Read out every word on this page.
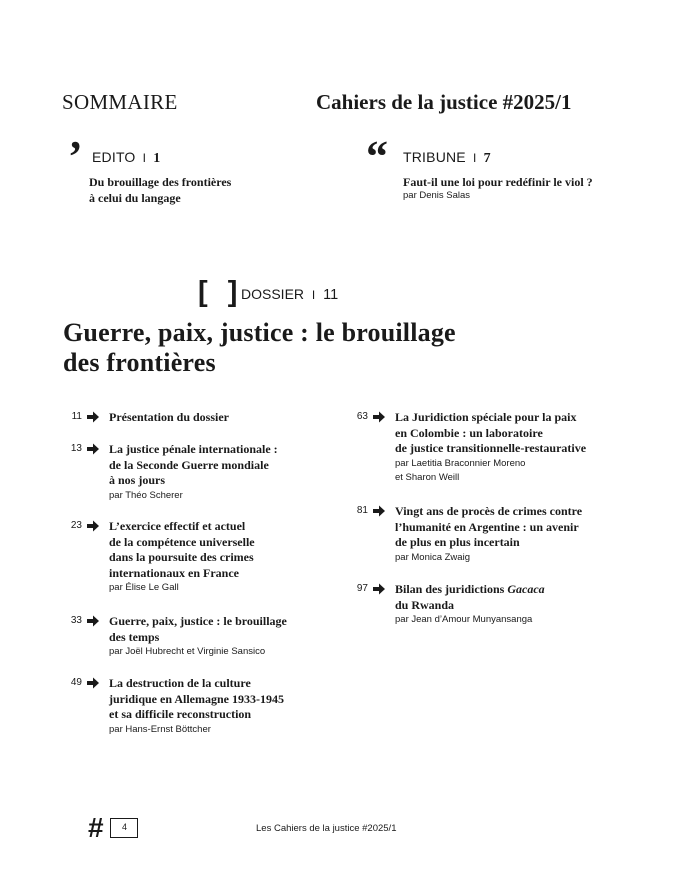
SOMMAIRE	Cahiers de la justice #2025/1
’ EDITO I 1
Du brouillage des frontières
à celui du langage
“ TRIBUNE I 7
Faut-il une loi pour redéfinir le viol ?
par Denis Salas
[ ]
DOSSIER I 11
Guerre, paix, justice : le brouillage
des frontières
11 Présentation du dossier
13 La justice pénale internationale :
de la Seconde Guerre mondiale
à nos jours
par Théo Scherer
23 L’exercice effectif et actuel
de la compétence universelle
dans la poursuite des crimes
internationaux en France
par Élise Le Gall
33 Guerre, paix, justice : le brouillage
des temps
par Joël Hubrecht et Virginie Sansico
49 La destruction de la culture
juridique en Allemagne 1933-1945
et sa difficile reconstruction
par Hans-Ernst Böttcher
63 La Juridiction spéciale pour la paix
en Colombie : un laboratoire
de justice transitionnelle-restaurative
par Laetitia Braconnier Moreno
et Sharon Weill
81 Vingt ans de procès de crimes contre
l’humanité en Argentine : un avenir
de plus en plus incertain
par Monica Zwaig
97 Bilan des juridictions Gacaca
du Rwanda
par Jean d’Amour Munyansanga
#	4	Les Cahiers de la justice #2025/1
